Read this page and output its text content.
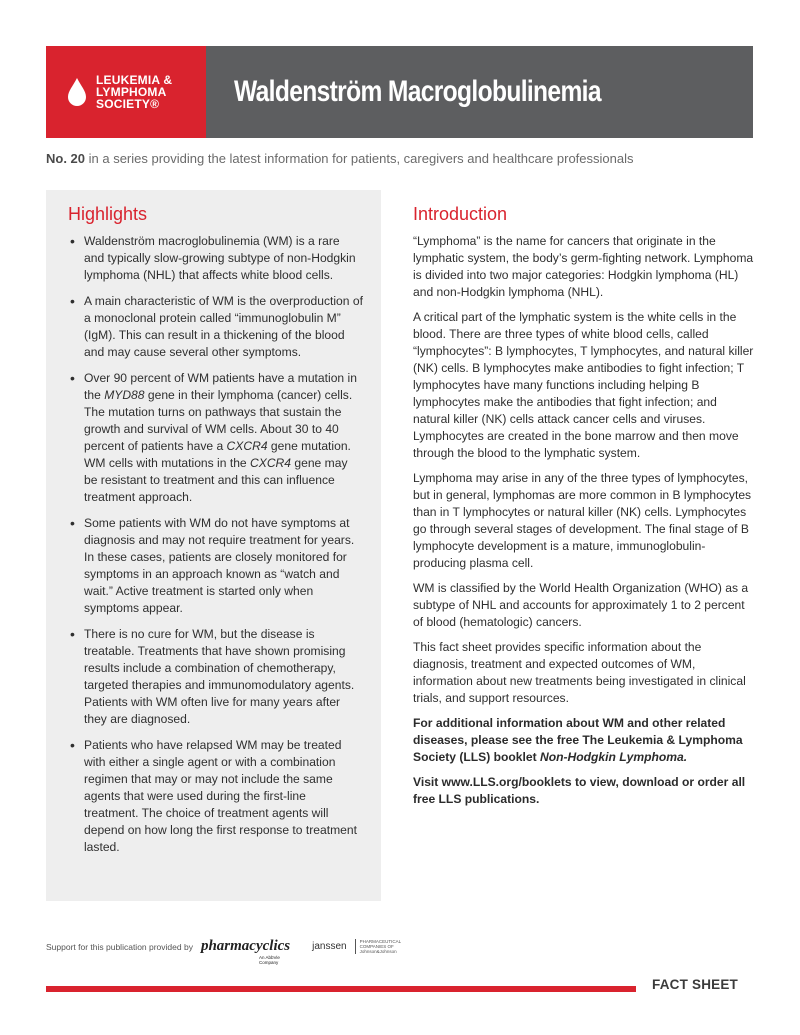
LEUKEMIA &
LYMPHOMA
SOCIETY®	Waldenström Macroglobulinemia
No. 20 in a series providing the latest information for patients, caregivers and healthcare professionals
Highlights
• Waldenström macroglobulinemia (WM) is a rare and typically slow-growing subtype of non-Hodgkin lymphoma (NHL) that affects white blood cells.
• A main characteristic of WM is the overproduction of a monoclonal protein called “immunoglobulin M” (IgM). This can result in a thickening of the blood and may cause several other symptoms.
• Over 90 percent of WM patients have a mutation in the MYD88 gene in their lymphoma (cancer) cells. The mutation turns on pathways that sustain the growth and survival of WM cells. About 30 to 40 percent of patients have a CXCR4 gene mutation. WM cells with mutations in the CXCR4 gene may be resistant to treatment and this can influence treatment approach.
• Some patients with WM do not have symptoms at diagnosis and may not require treatment for years. In these cases, patients are closely monitored for symptoms in an approach known as “watch and wait.” Active treatment is started only when symptoms appear.
• There is no cure for WM, but the disease is treatable. Treatments that have shown promising results include a combination of chemotherapy, targeted therapies and immunomodulatory agents. Patients with WM often live for many years after they are diagnosed.
• Patients who have relapsed WM may be treated with either a single agent or with a combination regimen that may or may not include the same agents that were used during the first-line treatment. The choice of treatment agents will depend on how long the first response to treatment lasted.
Introduction

“Lymphoma” is the name for cancers that originate in the lymphatic system, the body’s germ-fighting network. Lymphoma is divided into two major categories: Hodgkin lymphoma (HL) and non-Hodgkin lymphoma (NHL).

A critical part of the lymphatic system is the white cells in the blood. There are three types of white blood cells, called “lymphocytes”: B lymphocytes, T lymphocytes, and natural killer (NK) cells. B lymphocytes make antibodies to fight infection; T lymphocytes have many functions including helping B lymphocytes make the antibodies that fight infection; and natural killer (NK) cells attack cancer cells and viruses. Lymphocytes are created in the bone marrow and then move through the blood to the lymphatic system.

Lymphoma may arise in any of the three types of lymphocytes, but in general, lymphomas are more common in B lymphocytes than in T lymphocytes or natural killer (NK) cells. Lymphocytes go through several stages of development. The final stage of B lymphocyte development is a mature, immunoglobulin-producing plasma cell.

WM is classified by the World Health Organization (WHO) as a subtype of NHL and accounts for approximately 1 to 2 percent of blood (hematologic) cancers.

This fact sheet provides specific information about the diagnosis, treatment and expected outcomes of WM, information about new treatments being investigated in clinical trials, and support resources.

For additional information about WM and other related diseases, please see the free The Leukemia & Lymphoma Society (LLS) booklet Non-Hodgkin Lymphoma.

Visit www.LLS.org/booklets to view, download or order all free LLS publications.

Support for this publication provided by pharmacyclics
An AbbVie Company
janssen	PHARMACEUTICAL COMPANIES OF Johnson&Johnson
FACT SHEET
